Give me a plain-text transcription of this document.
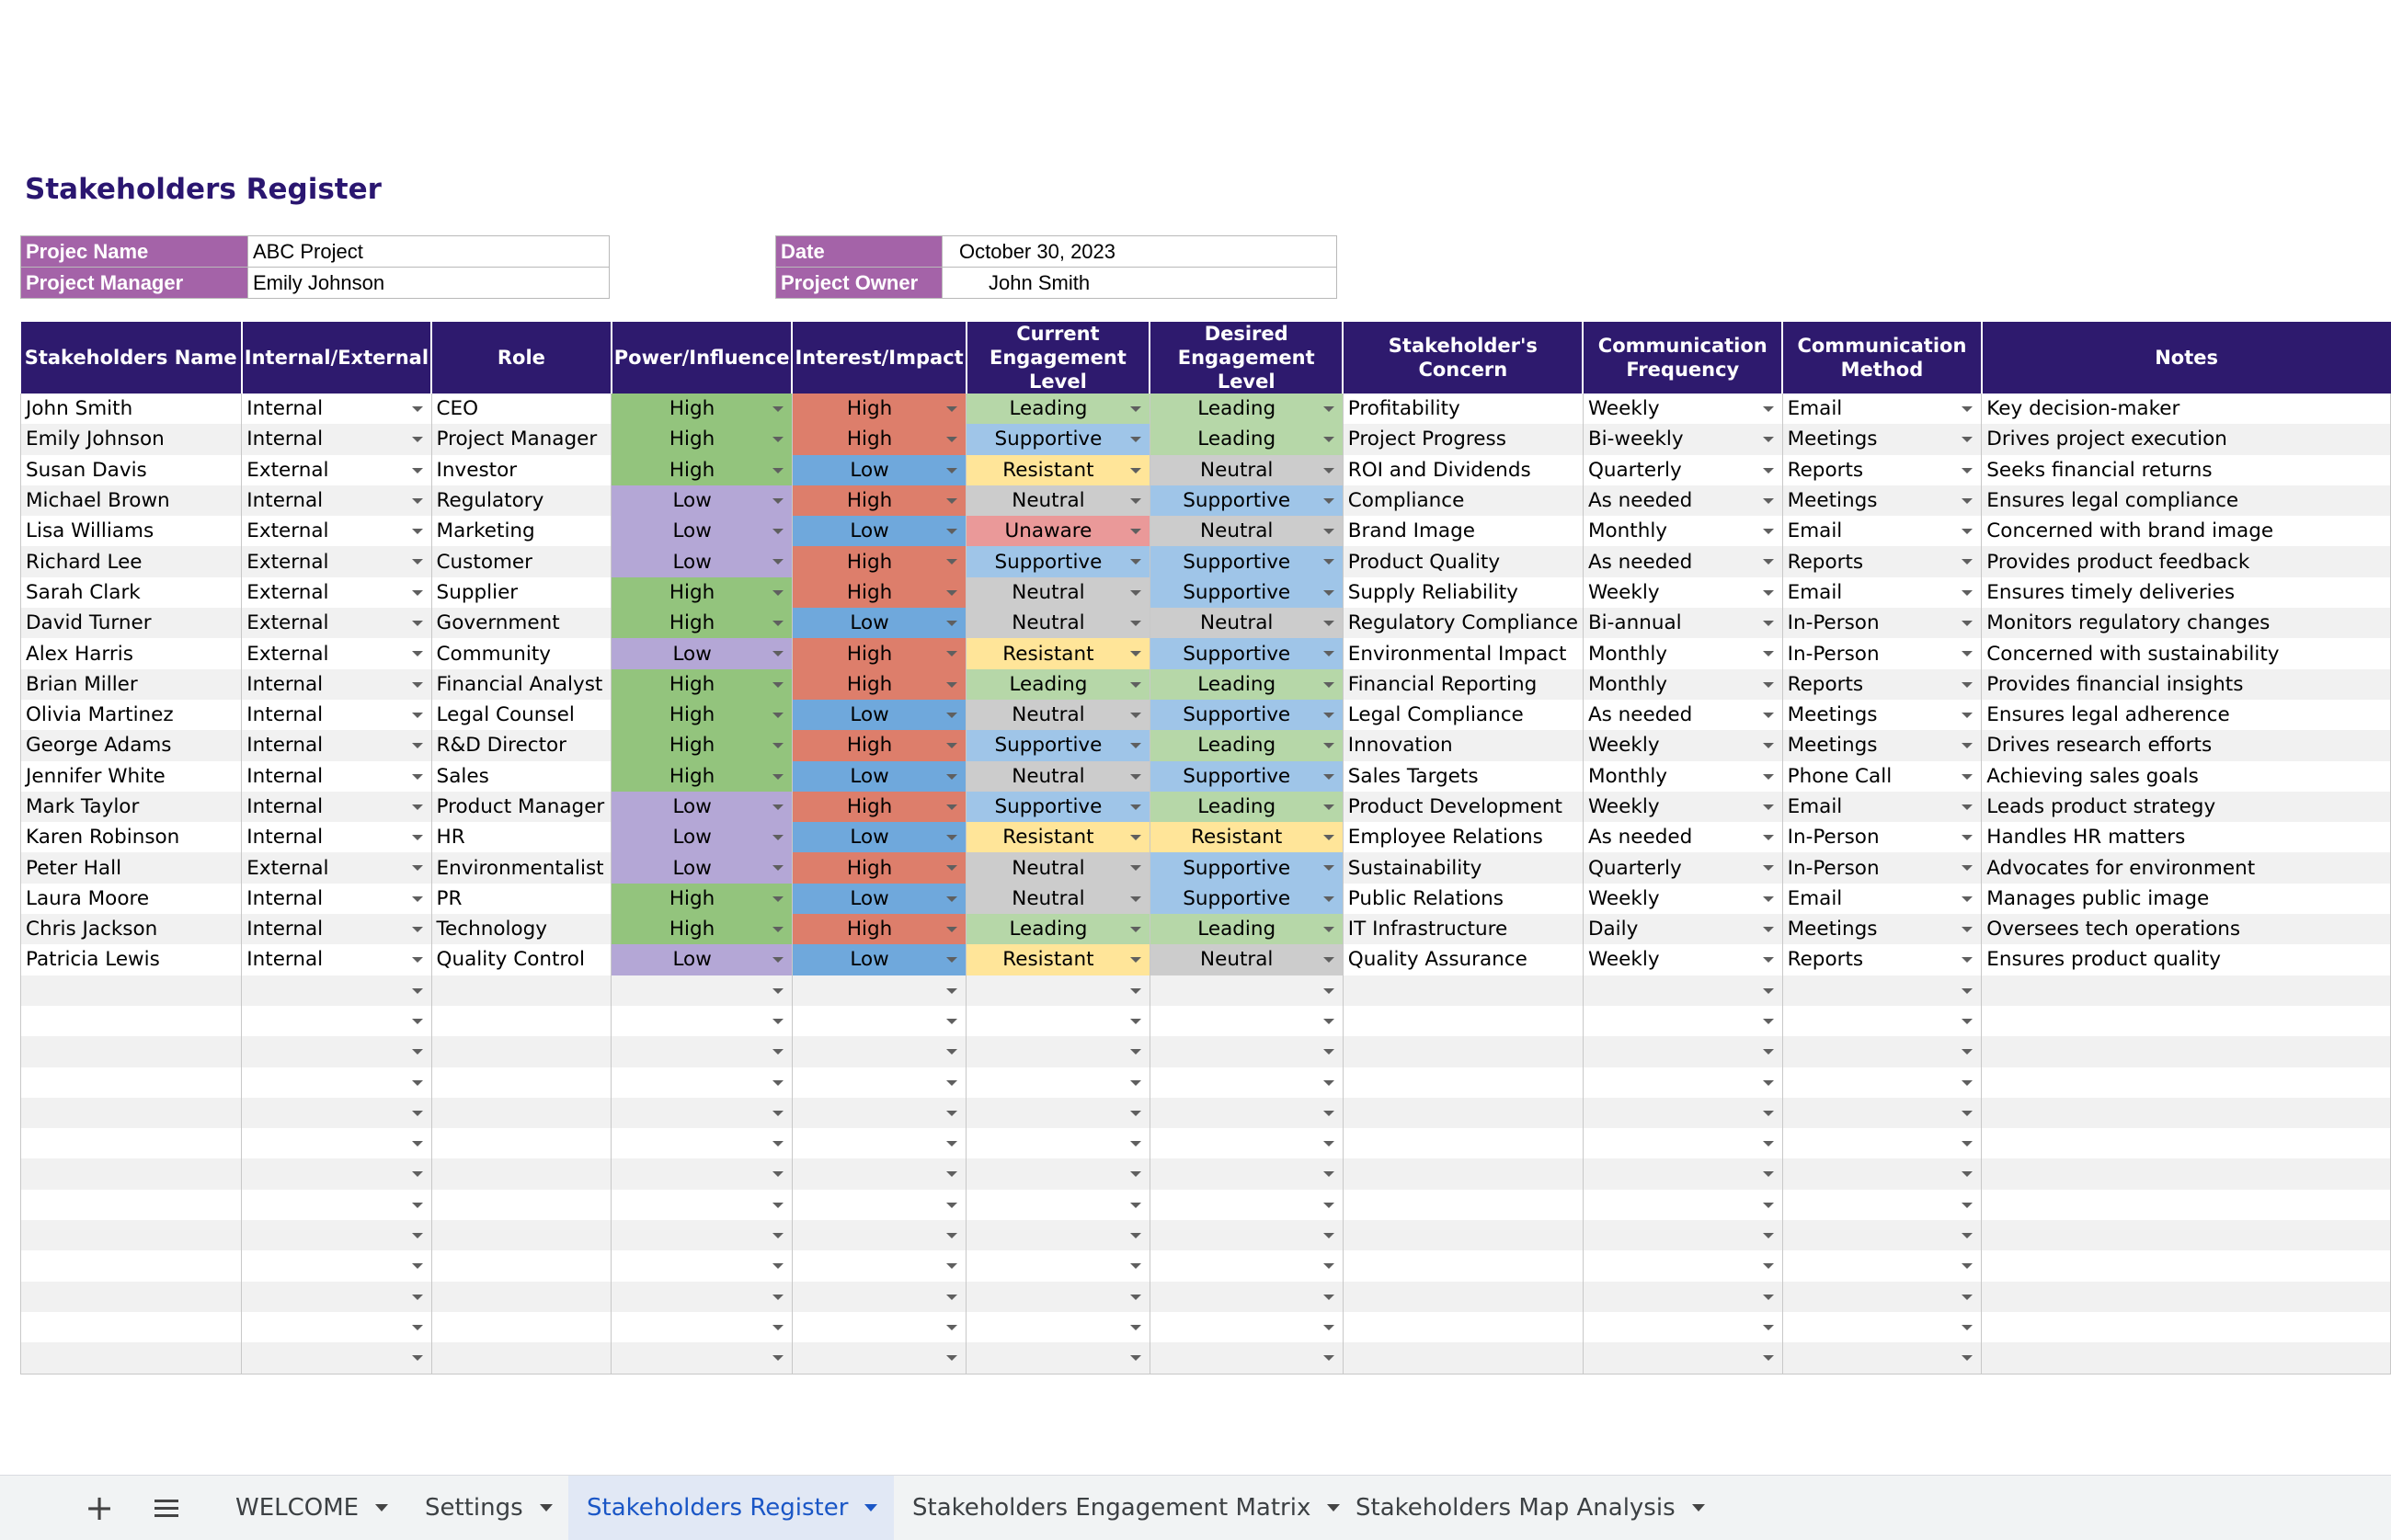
Stakeholders Register
Projec Name	ABC Project
Project Manager	Emily Johnson
Date	October 30, 2023
Project Owner	John Smith
Stakeholders Name	Internal/External	Role	Power/Influence	Interest/Impact	Current Engagement Level	Desired Engagement Level	Stakeholder's Concern	Communication Frequency	Communication Method	Notes
John Smith	Internal	CEO	High	High	Leading	Leading	Profitability	Weekly	Email	Key decision-maker
Emily Johnson	Internal	Project Manager	High	High	Supportive	Leading	Project Progress	Bi-weekly	Meetings	Drives project execution
Susan Davis	External	Investor	High	Low	Resistant	Neutral	ROI and Dividends	Quarterly	Reports	Seeks financial returns
Michael Brown	Internal	Regulatory	Low	High	Neutral	Supportive	Compliance	As needed	Meetings	Ensures legal compliance
Lisa Williams	External	Marketing	Low	Low	Unaware	Neutral	Brand Image	Monthly	Email	Concerned with brand image
Richard Lee	External	Customer	Low	High	Supportive	Supportive	Product Quality	As needed	Reports	Provides product feedback
Sarah Clark	External	Supplier	High	High	Neutral	Supportive	Supply Reliability	Weekly	Email	Ensures timely deliveries
David Turner	External	Government	High	Low	Neutral	Neutral	Regulatory Compliance	Bi-annual	In-Person	Monitors regulatory changes
Alex Harris	External	Community	Low	High	Resistant	Supportive	Environmental Impact	Monthly	In-Person	Concerned with sustainability
Brian Miller	Internal	Financial Analyst	High	High	Leading	Leading	Financial Reporting	Monthly	Reports	Provides financial insights
Olivia Martinez	Internal	Legal Counsel	High	Low	Neutral	Supportive	Legal Compliance	As needed	Meetings	Ensures legal adherence
George Adams	Internal	R&D Director	High	High	Supportive	Leading	Innovation	Weekly	Meetings	Drives research efforts
Jennifer White	Internal	Sales	High	Low	Neutral	Supportive	Sales Targets	Monthly	Phone Call	Achieving sales goals
Mark Taylor	Internal	Product Manager	Low	High	Supportive	Leading	Product Development	Weekly	Email	Leads product strategy
Karen Robinson	Internal	HR	Low	Low	Resistant	Resistant	Employee Relations	As needed	In-Person	Handles HR matters
Peter Hall	External	Environmentalist	Low	High	Neutral	Supportive	Sustainability	Quarterly	In-Person	Advocates for environment
Laura Moore	Internal	PR	High	Low	Neutral	Supportive	Public Relations	Weekly	Email	Manages public image
Chris Jackson	Internal	Technology	High	High	Leading	Leading	IT Infrastructure	Daily	Meetings	Oversees tech operations
Patricia Lewis	Internal	Quality Control	Low	Low	Resistant	Neutral	Quality Assurance	Weekly	Reports	Ensures product quality

+	WELCOME	Settings	Stakeholders Register	Stakeholders Engagement Matrix Stakeholders Map Analysis
